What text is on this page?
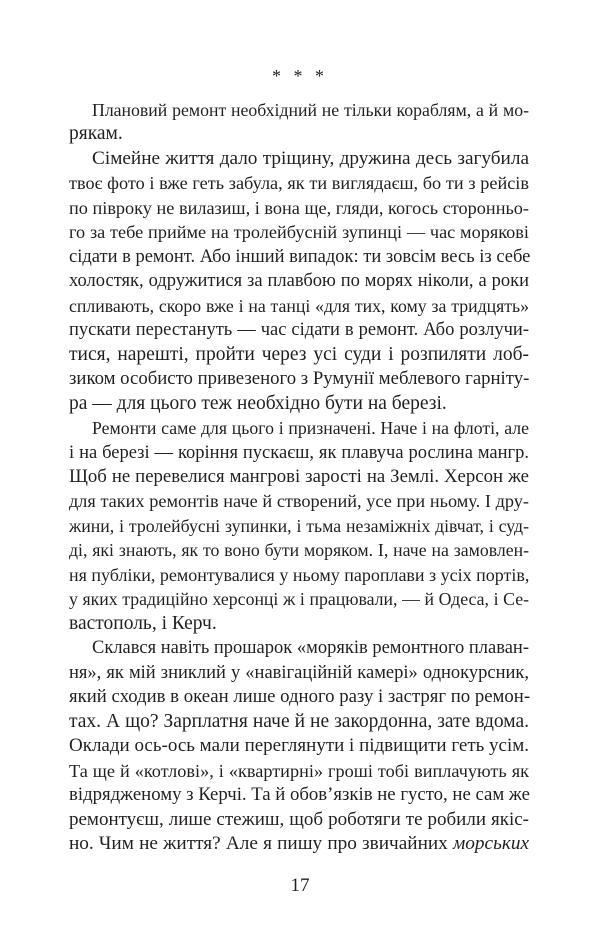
* * *
Плановий ремонт необхідний не тільки кораблям, а й мо-
рякам.
Сімейне життя дало тріщину, дружина десь загубила
твоє фото і вже геть забула, як ти виглядаєш, бо ти з рейсів
по півроку не вилазиш, і вона ще, гляди, когось сторонньо-
го за тебе прийме на тролейбусній зупинці — час морякові
сідати в ремонт. Або інший випадок: ти зовсім весь із себе
холостяк, одружитися за плавбою по морях ніколи, а роки
спливають, скоро вже і на танці «для тих, кому за тридцять»
пускати перестануть — час сідати в ремонт. Або розлучи-
тися, нарешті, пройти через усі суди і розпиляти лоб-
зиком особисто привезеного з Румунії меблевого гарніту-
ра — для цього теж необхідно бути на березі.
Ремонти саме для цього і призначені. Наче і на флоті, але
і на березі — коріння пускаєш, як плавуча рослина мангр.
Щоб не перевелися мангрові зарості на Землі. Херсон же
для таких ремонтів наче й створений, усе при ньому. І дру-
жини, і тролейбусні зупинки, і тьма незаміжніх дівчат, і суд-
ді, які знають, як то воно бути моряком. І, наче на замовлен-
ня публіки, ремонтувалися у ньому пароплави з усіх портів,
у яких традиційно херсонці ж і працювали, — й Одеса, і Се-
вастополь, і Керч.
Склався навіть прошарок «моряків ремонтного плаван-
ня», як мій зниклий у «навігаційній камері» однокурсник,
який сходив в океан лише одного разу і застряг по ремон-
тах. А що? Зарплатня наче й не закордонна, зате вдома.
Оклади ось-ось мали переглянути і підвищити геть усім.
Та ще й «котлові», і «квартирні» гроші тобі виплачують як
відрядженому з Керчі. Та й обов’язків не густо, не сам же
ремонтуєш, лише стежиш, щоб роботяги те робили якіс-
но. Чим не життя? Але я пишу про звичайних морських
17
